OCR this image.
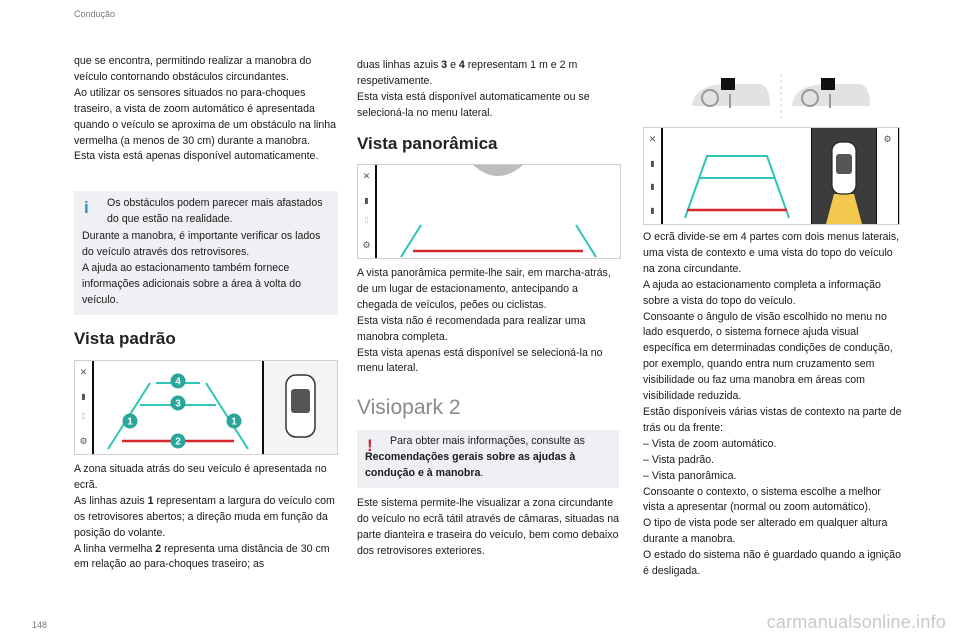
Condução

que se encontra, permitindo realizar a manobra do veículo contornando obstáculos circundantes.

Ao utilizar os sensores situados no para-choques traseiro, a vista de zoom automático é apresentada quando o veículo se aproxima de um obstáculo na linha vermelha (a menos de 30 cm) durante a manobra.

Esta vista está apenas disponível automaticamente.

i Os obstáculos podem parecer mais afastados do que estão na realidade.
Durante a manobra, é importante verificar os lados do veículo através dos retrovisores.
A ajuda ao estacionamento também fornece informações adicionais sobre a área à volta do veículo.
Vista padrão
✕
▮
▯
⚙
4
3
1	1
2

A zona situada atrás do seu veículo é apresentada no ecrã.

As linhas azuis 1 representam a largura do veículo com os retrovisores abertos; a direção muda em função da posição do volante.

A linha vermelha 2 representa uma distância de 30 cm em relação ao para-choques traseiro; as

148

duas linhas azuis 3 e 4 representam 1 m e 2 m respetivamente.

Esta vista está disponível automaticamente ou se selecioná-la no menu lateral.

Vista panorâmica
✕
▮
▯
⚙

A vista panorâmica permite-lhe sair, em marcha-atrás, de um lugar de estacionamento, antecipando a chegada de veículos, peões ou ciclistas.

Esta vista não é recomendada para realizar uma manobra completa.

Esta vista apenas está disponível se selecioná-la no menu lateral.

Visiopark 2
!	Para obter mais informações, consulte as Recomendações gerais sobre as ajudas à condução e à manobra.

Este sistema permite-lhe visualizar a zona circundante do veículo no ecrã tátil através de câmaras, situadas na parte dianteira e traseira do veículo, bem como debaixo dos retrovisores exteriores.

✕
▮
▮
▮
⚙

O ecrã divide-se em 4 partes com dois menus laterais, uma vista de contexto e uma vista do topo do veículo na zona circundante.

A ajuda ao estacionamento completa a informação sobre a vista do topo do veículo.

Consoante o ângulo de visão escolhido no menu no lado esquerdo, o sistema fornece ajuda visual específica em determinadas condições de condução, por exemplo, quando entra num cruzamento sem visibilidade ou faz uma manobra em áreas com visibilidade reduzida.

Estão disponíveis várias vistas de contexto na parte de trás ou da frente:

– Vista de zoom automático.

– Vista padrão.

– Vista panorâmica.

Consoante o contexto, o sistema escolhe a melhor vista a apresentar (normal ou zoom automático).

O tipo de vista pode ser alterado em qualquer altura durante a manobra.

O estado do sistema não é guardado quando a ignição é desligada.

carmanualsonline.info
